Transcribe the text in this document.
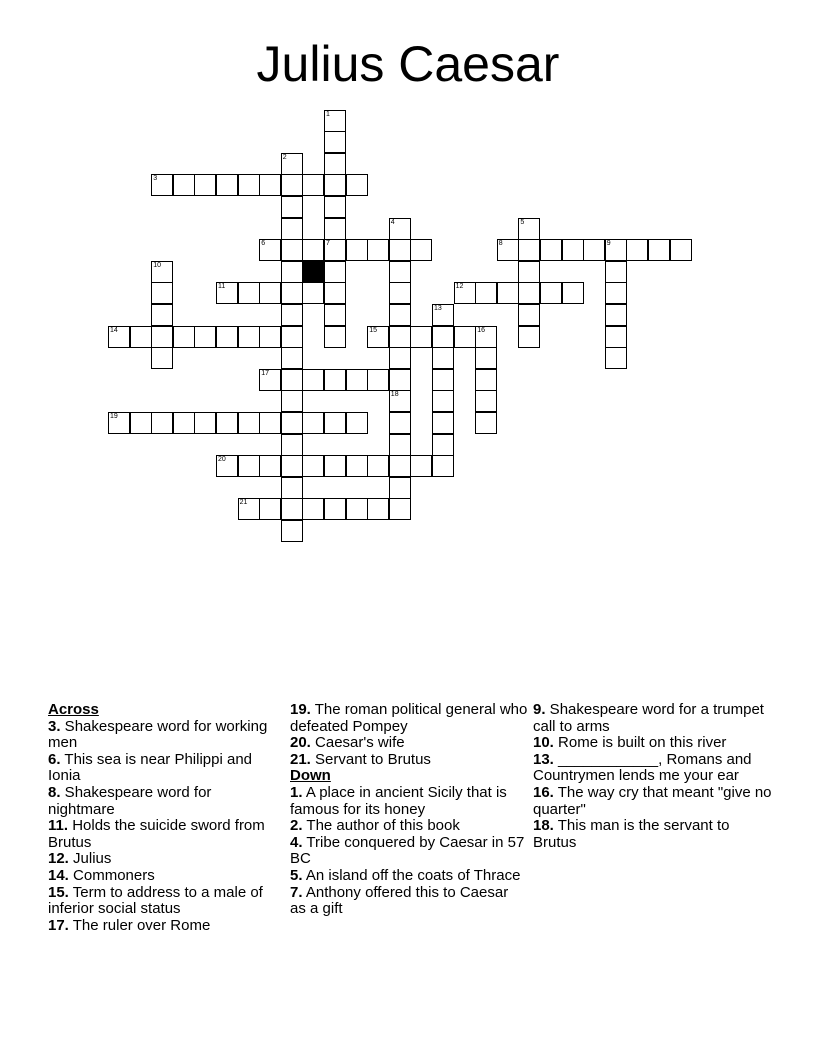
Julius Caesar
3
6	7	8	9
11	12
14	15	16
17
19
20
21
1
2
4
18
5
10
13
Across
3. Shakespeare word for working men
6. This sea is near Philippi and Ionia
8. Shakespeare word for nightmare
11. Holds the suicide sword from Brutus
12. Julius
14. Commoners
15. Term to address to a male of inferior social status
17. The ruler over Rome
19. The roman political general who defeated Pompey
20. Caesar's wife
21. Servant to Brutus
Down
1. A place in ancient Sicily that is famous for its honey
2. The author of this book
4. Tribe conquered by Caesar in 57 BC
5. An island off the coats of Thrace
7. Anthony offered this to Caesar as a gift
9. Shakespeare word for a trumpet call to arms
10. Rome is built on this river
13. ____________, Romans and Countrymen lends me your ear
16. The way cry that meant "give no quarter"
18. This man is the servant to Brutus
